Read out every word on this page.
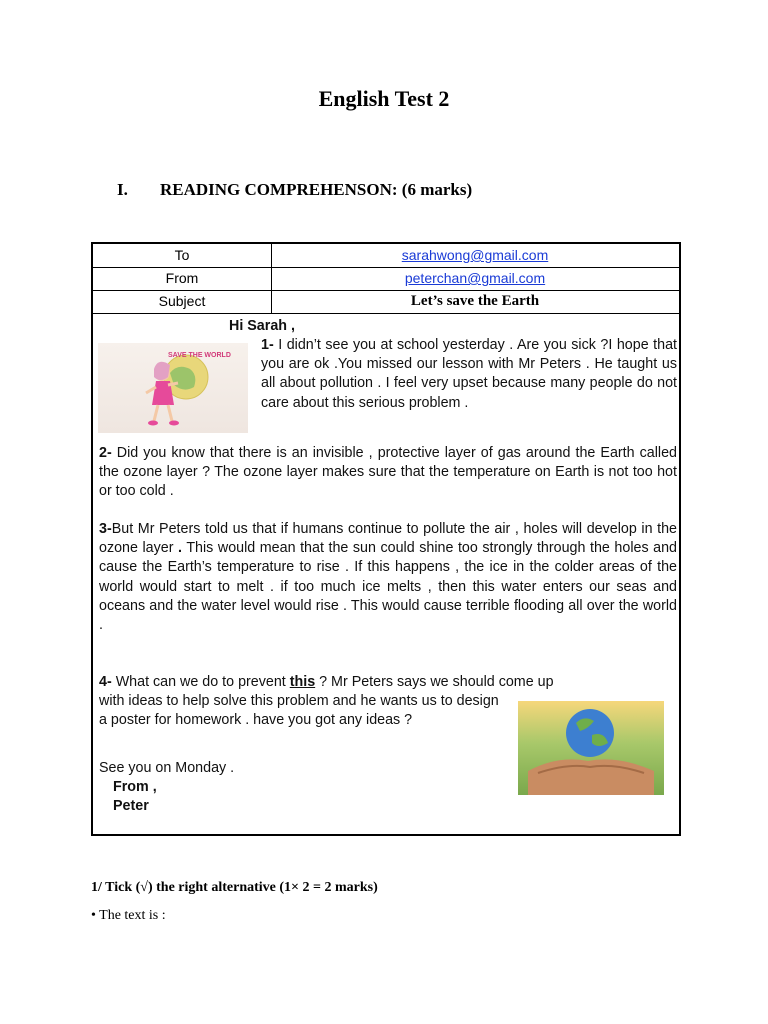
English Test 2
I. READING COMPREHENSON: (6 marks)
To	sarahwong@gmail.com
From	peterchan@gmail.com
Subject	Let’s save the Earth
Hi Sarah ,
SAVE THE WORLD
1- I didn’t see you at school yesterday . Are you sick ?I hope that you are ok .You missed our lesson with Mr Peters . He taught us all about pollution . I feel very upset because many people do not care about this serious problem .
2- Did you know that there is an invisible , protective layer of gas around the Earth called the ozone layer ? The ozone layer makes sure that the temperature on Earth is not too hot or too cold .
3-But Mr Peters told us that if humans continue to pollute the air , holes will develop in the ozone layer . This would mean that the sun could shine too strongly through the holes and cause the Earth’s temperature to rise . If this happens , the ice in the colder areas of the world would start to melt . if too much ice melts , then this water enters our seas and oceans and the water level would rise . This would cause terrible flooding all over the world .
4- What can we do to prevent this ? Mr Peters says we should come up
with ideas to help solve this problem and he wants us to design a poster for homework . have you got any ideas ?
See you on Monday .
From ,
Peter
1/ Tick (√) the right alternative (1× 2 = 2 marks)
• The text is :
